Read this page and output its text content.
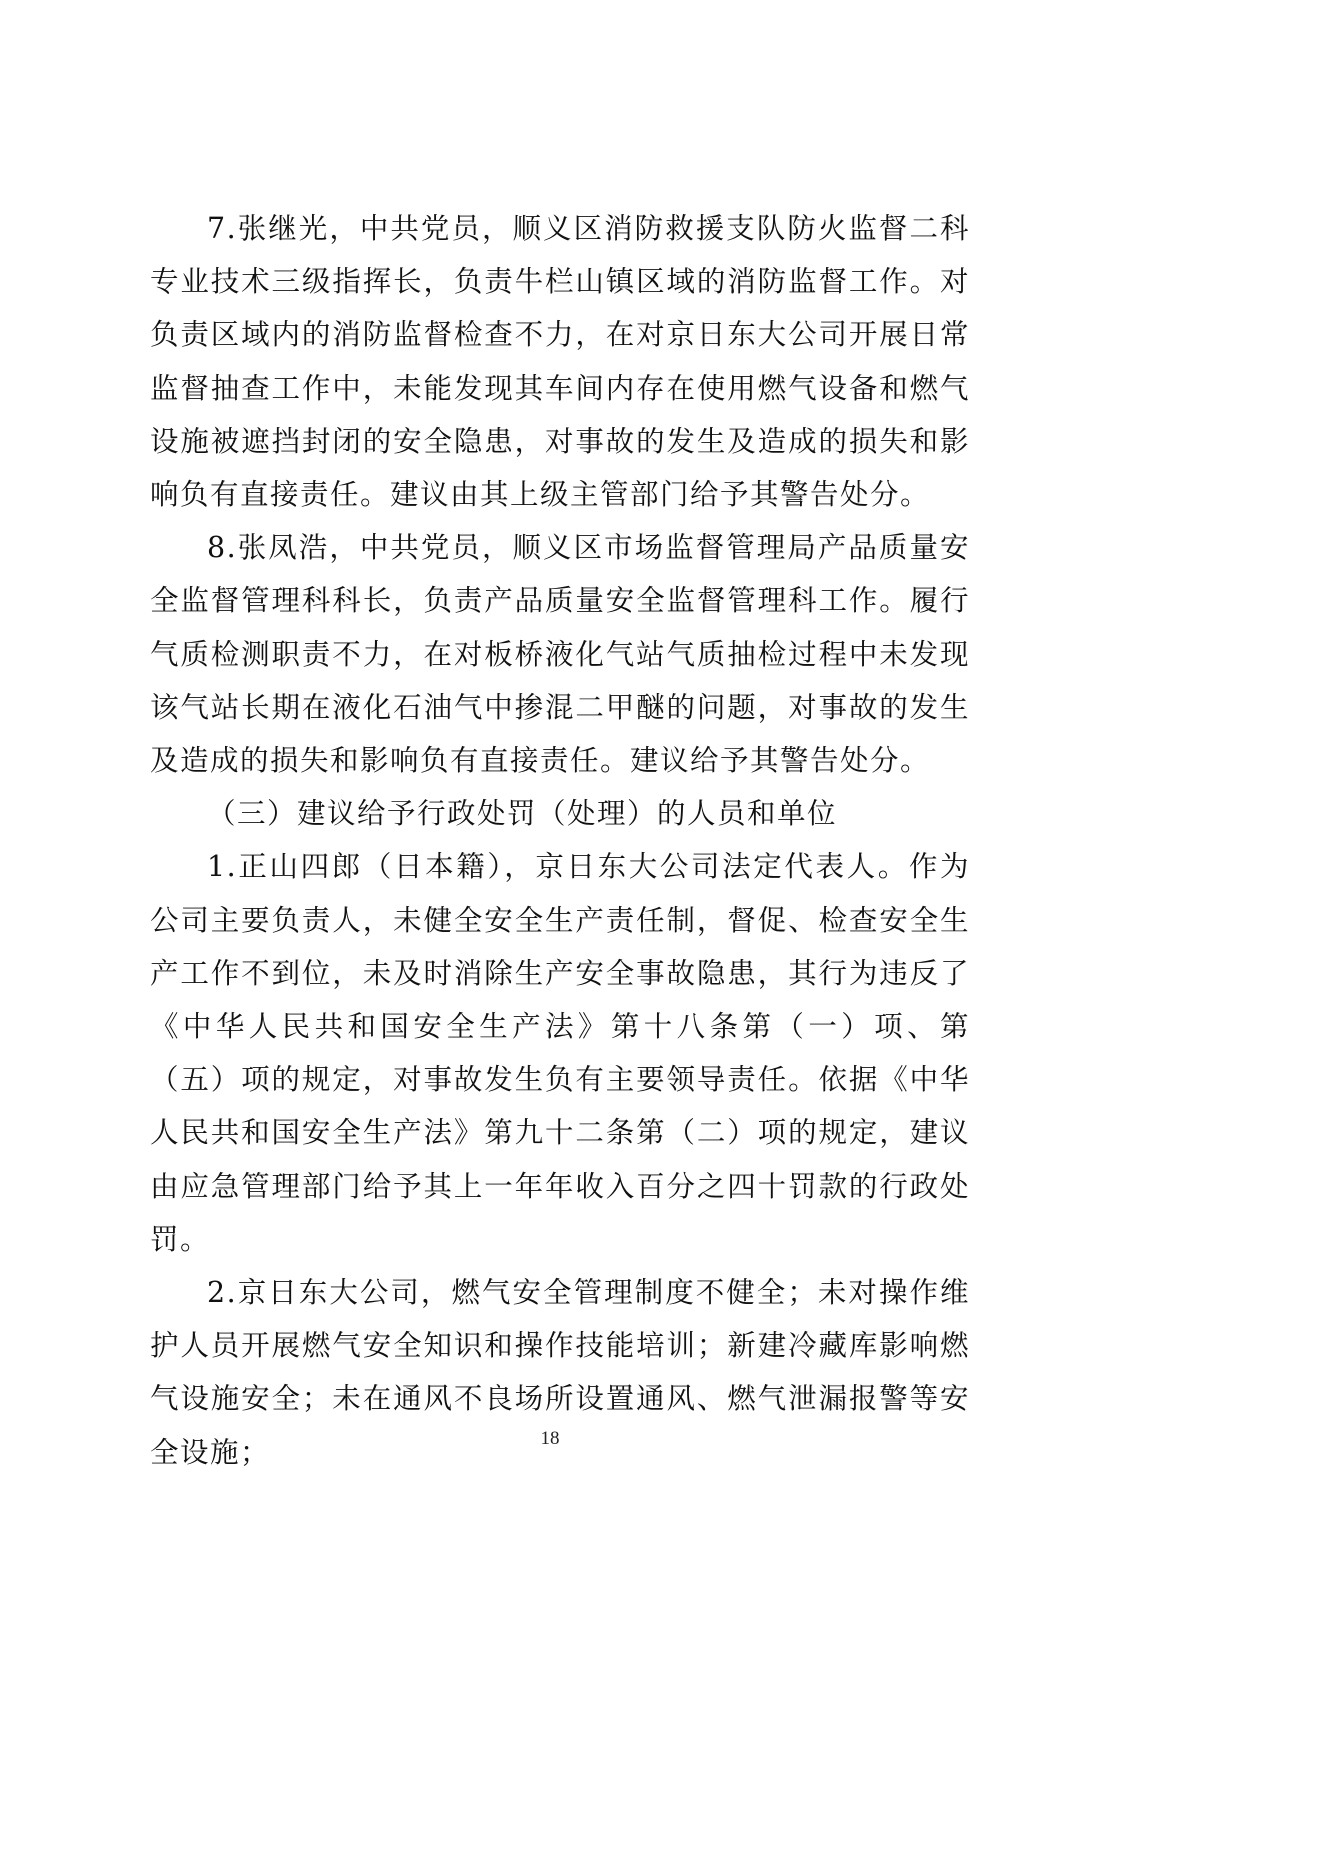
7.张继光，中共党员，顺义区消防救援支队防火监督二科专业技术三级指挥长，负责牛栏山镇区域的消防监督工作。对负责区域内的消防监督检查不力，在对京日东大公司开展日常监督抽查工作中，未能发现其车间内存在使用燃气设备和燃气设施被遮挡封闭的安全隐患，对事故的发生及造成的损失和影响负有直接责任。建议由其上级主管部门给予其警告处分。

8.张凤浩，中共党员，顺义区市场监督管理局产品质量安全监督管理科科长，负责产品质量安全监督管理科工作。履行气质检测职责不力，在对板桥液化气站气质抽检过程中未发现该气站长期在液化石油气中掺混二甲醚的问题，对事故的发生及造成的损失和影响负有直接责任。建议给予其警告处分。

（三）建议给予行政处罚（处理）的人员和单位

1.正山四郎（日本籍），京日东大公司法定代表人。作为公司主要负责人，未健全安全生产责任制，督促、检查安全生产工作不到位，未及时消除生产安全事故隐患，其行为违反了《中华人民共和国安全生产法》第十八条第（一）项、第（五）项的规定，对事故发生负有主要领导责任。依据《中华人民共和国安全生产法》第九十二条第（二）项的规定，建议由应急管理部门给予其上一年年收入百分之四十罚款的行政处罚。

2.京日东大公司，燃气安全管理制度不健全；未对操作维护人员开展燃气安全知识和操作技能培训；新建冷藏库影响燃气设施安全；未在通风不良场所设置通风、燃气泄漏报警等安全设施；	18
